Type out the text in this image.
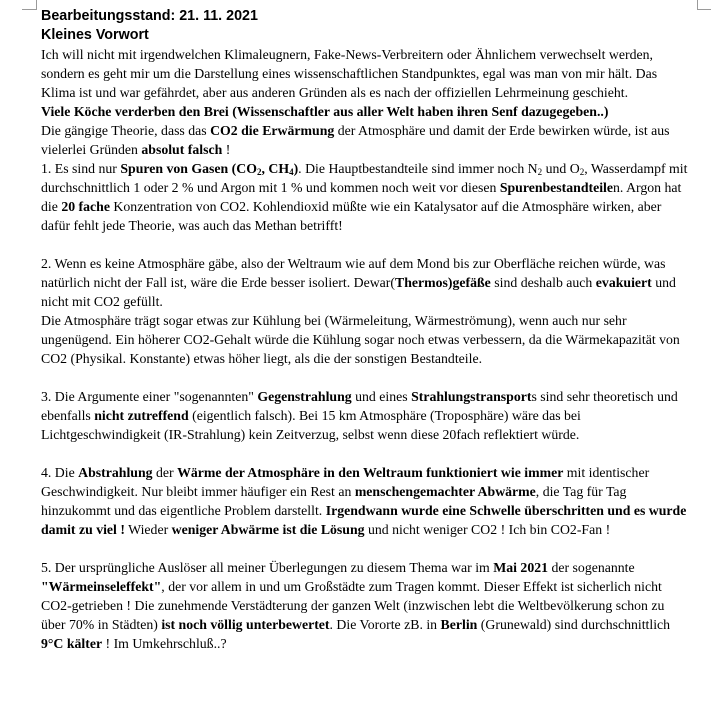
Bearbeitungsstand: 21. 11. 2021
Kleines Vorwort

Ich will nicht mit irgendwelchen Klimaleugnern, Fake-News-Verbreitern oder Ähnlichem verwechselt werden, sondern es geht mir um die Darstellung eines wissenschaftlichen Standpunktes, egal was man von mir hält. Das Klima ist und war gefährdet, aber aus anderen Gründen als es nach der offiziellen Lehrmeinung geschieht.

Viele Köche verderben den Brei (Wissenschaftler aus aller Welt haben ihren Senf dazugegeben..)

Die gängige Theorie, dass das CO2 die Erwärmung der Atmosphäre und damit der Erde bewirken würde, ist aus vielerlei Gründen absolut falsch !

1. Es sind nur Spuren von Gasen ($CO_2$, $CH_4$). Die Hauptbestandteile sind immer noch $N_2$ und $O_2$, Wasserdampf mit durchschnittlich 1 oder 2 % und Argon mit 1 % und kommen noch weit vor diesen Spurenbestandteilen. Argon hat die 20 fache Konzentration von CO2. Kohlendioxid müßte wie ein Katalysator auf die Atmosphäre wirken, aber dafür fehlt jede Theorie, was auch das Methan betrifft!

2. Wenn es keine Atmosphäre gäbe, also der Weltraum wie auf dem Mond bis zur Oberfläche reichen würde, was natürlich nicht der Fall ist, wäre die Erde besser isoliert. Dewar(Thermos)gefäße sind deshalb auch evakuiert und nicht mit CO2 gefüllt.

Die Atmosphäre trägt sogar etwas zur Kühlung bei (Wärmeleitung, Wärmeströmung), wenn auch nur sehr ungenügend. Ein höherer CO2-Gehalt würde die Kühlung sogar noch etwas verbessern, da die Wärmekapazität von CO2 (Physikal. Konstante) etwas höher liegt, als die der sonstigen Bestandteile.

3. Die Argumente einer "sogenannten" Gegenstrahlung und eines Strahlungstransports sind sehr theoretisch und ebenfalls nicht zutreffend (eigentlich falsch). Bei 15 km Atmosphäre (Troposphäre) wäre das bei Lichtgeschwindigkeit (IR-Strahlung) kein Zeitverzug, selbst wenn diese 20fach reflektiert würde.

4. Die Abstrahlung der Wärme der Atmosphäre in den Weltraum funktioniert wie immer mit identischer Geschwindigkeit. Nur bleibt immer häufiger ein Rest an menschengemachter Abwärme, die Tag für Tag hinzukommt und das eigentliche Problem darstellt. Irgendwann wurde eine Schwelle überschritten und es wurde damit zu viel ! Wieder weniger Abwärme ist die Lösung und nicht weniger CO2 ! Ich bin CO2-Fan !

5. Der ursprüngliche Auslöser all meiner Überlegungen zu diesem Thema war im Mai 2021 der sogenannte "Wärmeinseleffekt", der vor allem in und um Großstädte zum Tragen kommt. Dieser Effekt ist sicherlich nicht CO2-getrieben ! Die zunehmende Verstädterung der ganzen Welt (inzwischen lebt die Weltbevölkerung schon zu über 70% in Städten) ist noch völlig unterbewertet. Die Vororte zB. in Berlin (Grunewald) sind durchschnittlich 9°C kälter ! Im Umkehrschluß..?
